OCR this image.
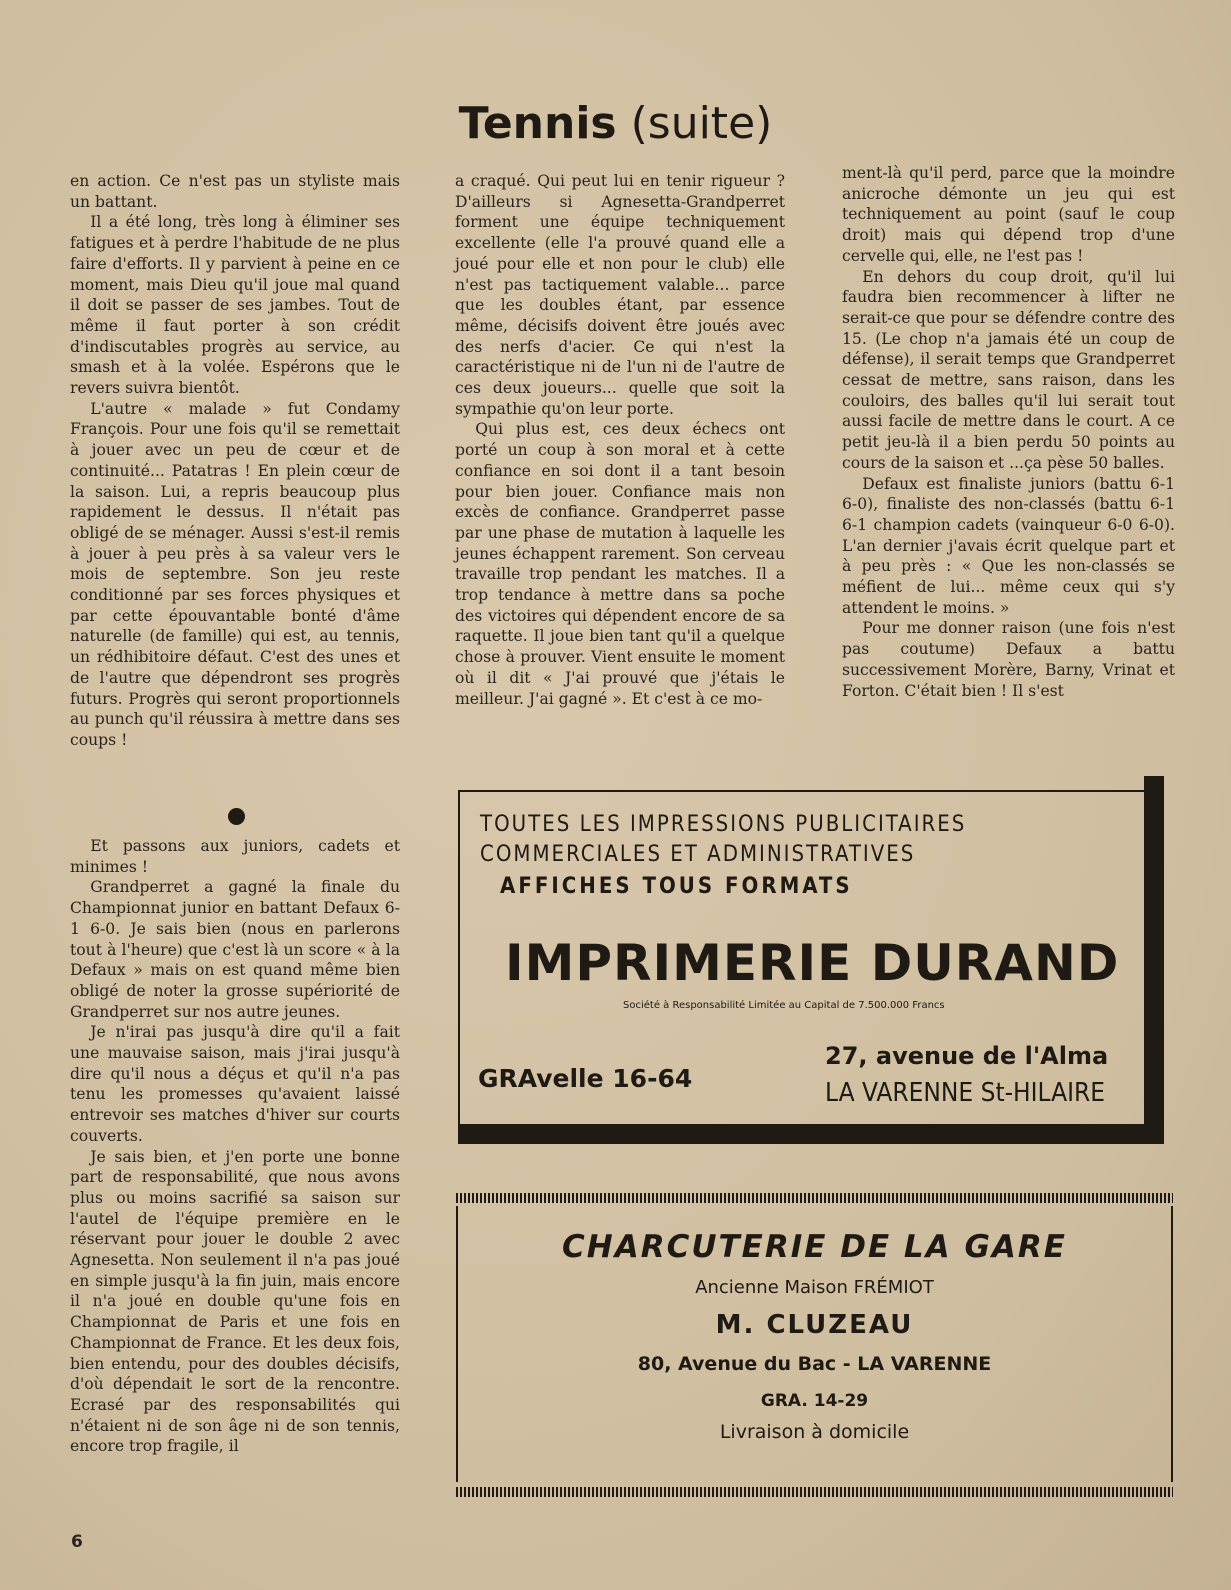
Tennis (suite)

en action. Ce n'est pas un styliste mais un battant.

Il a été long, très long à éliminer ses fatigues et à perdre l'habitude de ne plus faire d'efforts. Il y parvient à peine en ce moment, mais Dieu qu'il joue mal quand il doit se passer de ses jambes. Tout de même il faut porter à son crédit d'indiscutables progrès au service, au smash et à la volée. Espérons que le revers suivra bientôt.

L'autre « malade » fut Condamy François. Pour une fois qu'il se remettait à jouer avec un peu de cœur et de continuité... Patatras ! En plein cœur de la saison. Lui, a repris beaucoup plus rapidement le dessus. Il n'était pas obligé de se ménager. Aussi s'est-il remis à jouer à peu près à sa valeur vers le mois de septembre. Son jeu reste conditionné par ses forces physiques et par cette épouvantable bonté d'âme naturelle (de famille) qui est, au tennis, un rédhibitoire défaut. C'est des unes et de l'autre que dépendront ses progrès futurs. Progrès qui seront proportionnels au punch qu'il réussira à mettre dans ses coups !

Et passons aux juniors, cadets et minimes !

Grandperret a gagné la finale du Championnat junior en battant Defaux 6-1 6-0. Je sais bien (nous en parlerons tout à l'heure) que c'est là un score « à la Defaux » mais on est quand même bien obligé de noter la grosse supériorité de Grandperret sur nos autre jeunes.

Je n'irai pas jusqu'à dire qu'il a fait une mauvaise saison, mais j'irai jusqu'à dire qu'il nous a déçus et qu'il n'a pas tenu les promesses qu'avaient laissé entrevoir ses matches d'hiver sur courts couverts.

Je sais bien, et j'en porte une bonne part de responsabilité, que nous avons plus ou moins sacrifié sa saison sur l'autel de l'équipe première en le réservant pour jouer le double 2 avec Agnesetta. Non seulement il n'a pas joué en simple jusqu'à la fin juin, mais encore il n'a joué en double qu'une fois en Championnat de Paris et une fois en Championnat de France. Et les deux fois, bien entendu, pour des doubles décisifs, d'où dépendait le sort de la rencontre. Ecrasé par des responsabilités qui n'étaient ni de son âge ni de son tennis, encore trop fragile, il

a craqué. Qui peut lui en tenir rigueur ? D'ailleurs si Agnesetta-Grandperret forment une équipe techniquement excellente (elle l'a prouvé quand elle a joué pour elle et non pour le club) elle n'est pas tactiquement valable... parce que les doubles étant, par essence même, décisifs doivent être joués avec des nerfs d'acier. Ce qui n'est la caractéristique ni de l'un ni de l'autre de ces deux joueurs... quelle que soit la sympathie qu'on leur porte.

Qui plus est, ces deux échecs ont porté un coup à son moral et à cette confiance en soi dont il a tant besoin pour bien jouer. Confiance mais non excès de confiance. Grandperret passe par une phase de mutation à laquelle les jeunes échappent rarement. Son cerveau travaille trop pendant les matches. Il a trop tendance à mettre dans sa poche des victoires qui dépendent encore de sa raquette. Il joue bien tant qu'il a quelque chose à prouver. Vient ensuite le moment où il dit « J'ai prouvé que j'étais le meilleur. J'ai gagné ». Et c'est à ce mo-

ment-là qu'il perd, parce que la moindre anicroche démonte un jeu qui est techniquement au point (sauf le coup droit) mais qui dépend trop d'une cervelle qui, elle, ne l'est pas !

En dehors du coup droit, qu'il lui faudra bien recommencer à lifter ne serait-ce que pour se défendre contre des 15. (Le chop n'a jamais été un coup de défense), il serait temps que Grandperret cessat de mettre, sans raison, dans les couloirs, des balles qu'il lui serait tout aussi facile de mettre dans le court. A ce petit jeu-là il a bien perdu 50 points au cours de la saison et ...ça pèse 50 balles.

Defaux est finaliste juniors (battu 6-1 6-0), finaliste des non-classés (battu 6-1 6-1 champion cadets (vainqueur 6-0 6-0). L'an dernier j'avais écrit quelque part et à peu près : « Que les non-classés se méfient de lui... même ceux qui s'y attendent le moins. »

Pour me donner raison (une fois n'est pas coutume) Defaux a battu successivement Morère, Barny, Vrinat et Forton. C'était bien ! Il s'est

TOUTES LES IMPRESSIONS PUBLICITAIRES
COMMERCIALES ET ADMINISTRATIVES
AFFICHES TOUS FORMATS
IMPRIMERIE DURAND
Société à Responsabilité Limitée au Capital de 7.500.000 Francs
GRAvelle 16-64
27, avenue de l'Alma
LA VARENNE St-HILAIRE
CHARCUTERIE DE LA GARE
Ancienne Maison FRÉMIOT
M. CLUZEAU
80, Avenue du Bac - LA VARENNE
GRA. 14-29
Livraison à domicile
6
